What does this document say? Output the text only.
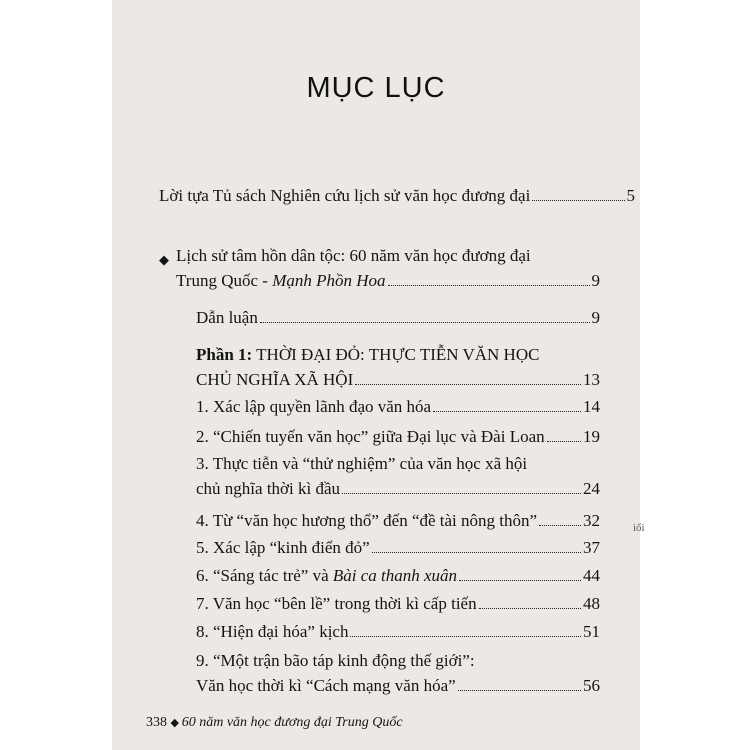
MỤC LỤC
Lời tựa Tủ sách Nghiên cứu lịch sử văn học đương đại	5
◆ Lịch sử tâm hồn dân tộc: 60 năm văn học đương đại
Trung Quốc - Mạnh Phồn Hoa	9
Dẫn luận	9
Phần 1: THỜI ĐẠI ĐỎ: THỰC TIỄN VĂN HỌC
CHỦ NGHĨA XÃ HỘI	13
1. Xác lập quyền lãnh đạo văn hóa	14
2. “Chiến tuyến văn học” giữa Đại lục và Đài Loan 19
3. Thực tiễn và “thử nghiệm” của văn học xã hội
chủ nghĩa thời kì đầu	24
4. Từ “văn học hương thổ” đến “đề tài nông thôn”	32
5. Xác lập “kinh điển đỏ”	37
6. “Sáng tác trẻ” và Bài ca thanh xuân	44
7. Văn học “bên lề” trong thời kì cấp tiến	48
8. “Hiện đại hóa” kịch	51
9. “Một trận bão táp kinh động thế giới”:
Văn học thời kì “Cách mạng văn hóa”	56
338 ◆ 60 năm văn học đương đại Trung Quốc
ìổi
